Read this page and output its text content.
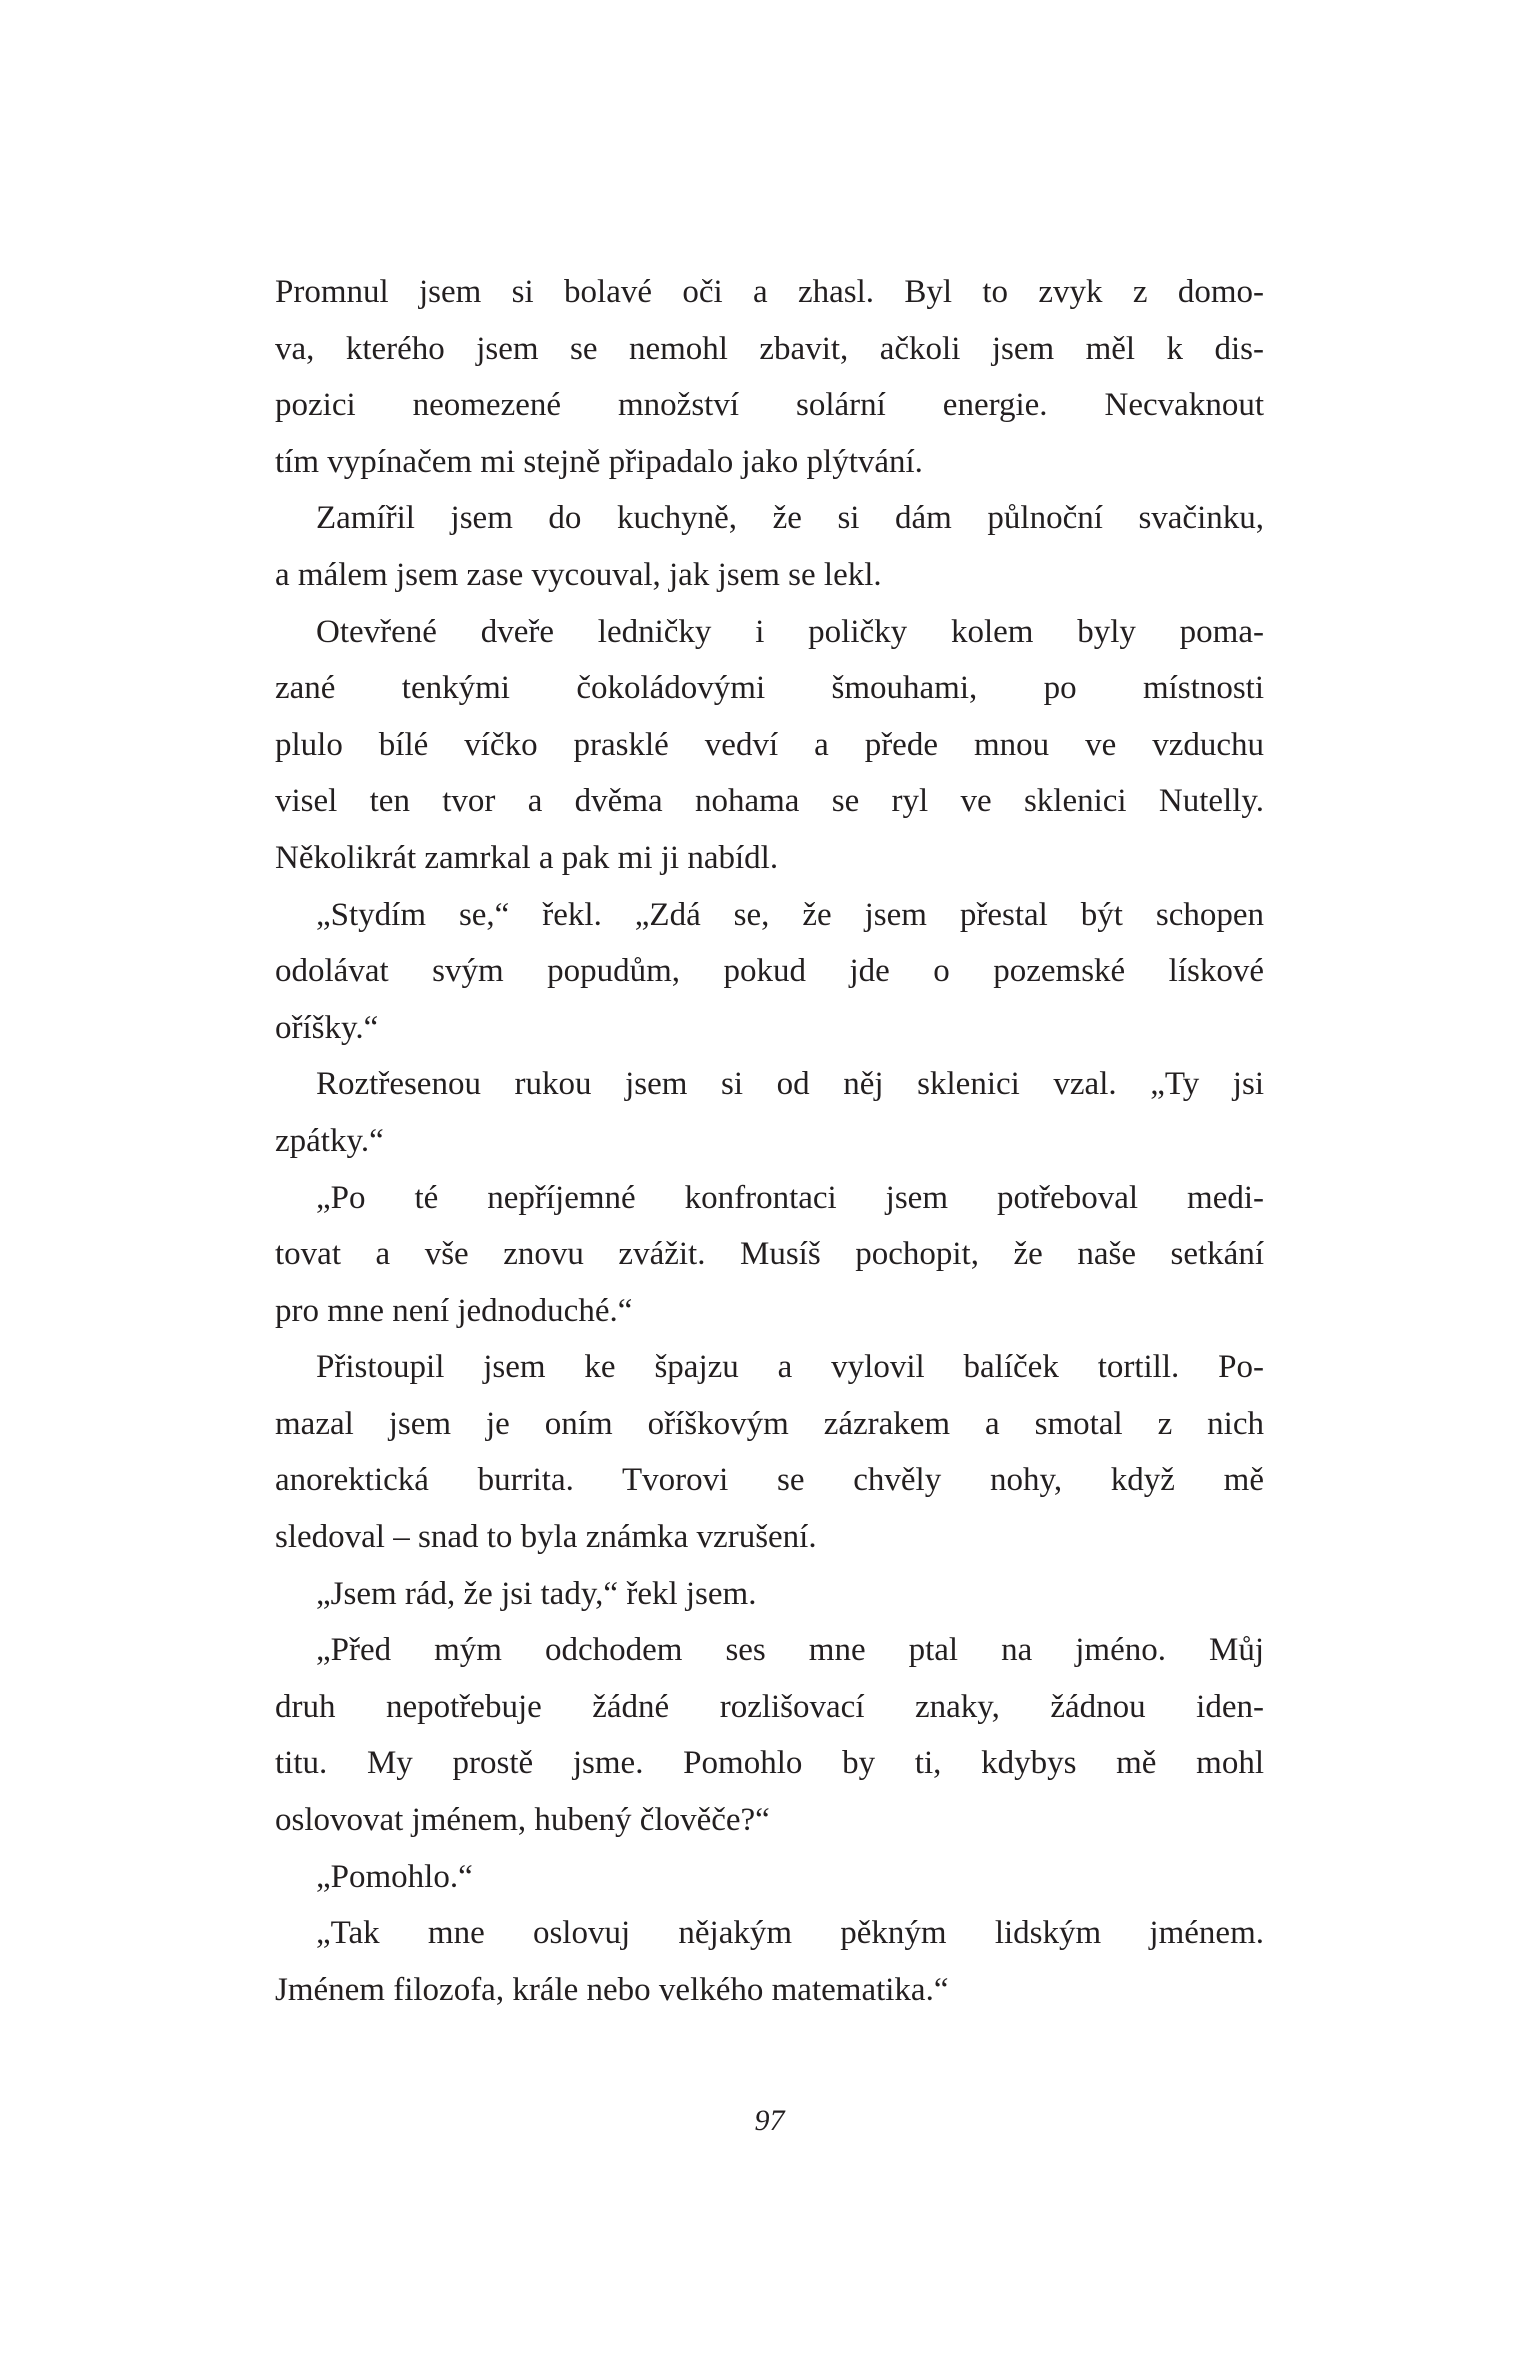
Promnul jsem si bolavé oči a zhasl. Byl to zvyk z domo-
va, kterého jsem se nemohl zbavit, ačkoli jsem měl k dis-
pozici neomezené množství solární energie. Necvaknout
tím vypínačem mi stejně připadalo jako plýtvání.
Zamířil jsem do kuchyně, že si dám půlnoční svačinku,
a málem jsem zase vycouval, jak jsem se lekl.
Otevřené dveře ledničky i poličky kolem byly poma-
zané tenkými čokoládovými šmouhami, po místnosti
plulo bílé víčko prasklé vedví a přede mnou ve vzduchu
visel ten tvor a dvěma nohama se ryl ve sklenici Nutelly.
Několikrát zamrkal a pak mi ji nabídl.
„Stydím se,“ řekl. „Zdá se, že jsem přestal být schopen
odolávat svým popudům, pokud jde o pozemské lískové
oříšky.“
Roztřesenou rukou jsem si od něj sklenici vzal. „Ty jsi
zpátky.“
„Po té nepříjemné konfrontaci jsem potřeboval medi-
tovat a vše znovu zvážit. Musíš pochopit, že naše setkání
pro mne není jednoduché.“
Přistoupil jsem ke špajzu a vylovil balíček tortill. Po-
mazal jsem je oním oříškovým zázrakem a smotal z nich
anorektická burrita. Tvorovi se chvěly nohy, když mě
sledoval – snad to byla známka vzrušení.
„Jsem rád, že jsi tady,“ řekl jsem.
„Před mým odchodem ses mne ptal na jméno. Můj
druh nepotřebuje žádné rozlišovací znaky, žádnou iden-
titu. My prostě jsme. Pomohlo by ti, kdybys mě mohl
oslovovat jménem, hubený člověče?“
„Pomohlo.“
„Tak mne oslovuj nějakým pěkným lidským jménem.
Jménem filozofa, krále nebo velkého matematika.“
97
